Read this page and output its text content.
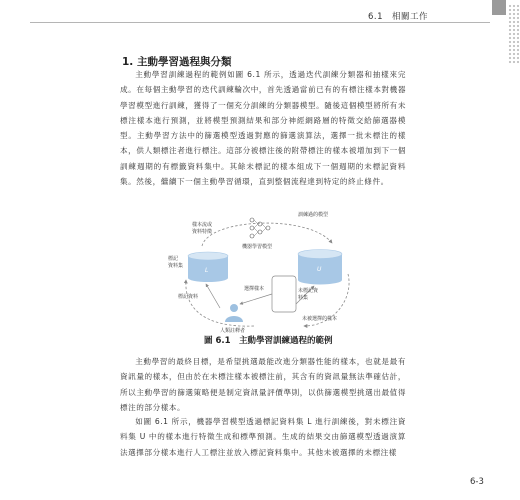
6.1　相關工作
1. 主動學習過程與分類

主動學習訓練過程的範例如圖 6.1 所示，透過迭代訓練分類器和抽樣來完成。在每個主動學習的迭代訓練輪次中，首先透過當前已有的有標注樣本對機器學習模型進行訓練，獲得了一個充分訓練的分類器模型。隨後這個模型將所有未標注樣本進行預測，並將模型預測結果和部分神經網路層的特徵交給篩選器模型。主動學習方法中的篩選模型透過對應的篩選演算法，選擇一批未標注的樣本，供人類標注者進行標注。這部分被標注後的附帶標注的樣本被增加到下一個訓練週期的有標籤資料集中。其餘未標記的樣本組成下一個週期的未標記資料集。然後，繼續下一個主動學習循環，直到整個流程達到特定的終止條件。

樣本流或
資料特徵
訓練過的模型
機器學習模型
標記
資料集
L	U
未標記資
料集
標記資料
選擇樣本
人類註釋者
未被選擇的樣本
圖 6.1　主動學習訓練過程的範例

主動學習的最終目標，是希望挑選最能改進分類器性能的樣本，也就是最有資訊量的樣本，但由於在未標注樣本被標注前，其含有的資訊量無法準確估計，所以主動學習的篩選策略便是制定資訊量評價準則，以供篩選模型挑選出最值得標注的部分樣本。

如圖 6.1 所示，機器學習模型透過標記資料集 L 進行訓練後，對未標注資料集 U 中的樣本進行特徵生成和標準預測。生成的結果交由篩選模型透過演算法選擇部分樣本進行人工標注並放入標記資料集中。其他未被選擇的未標注樣

6-3
